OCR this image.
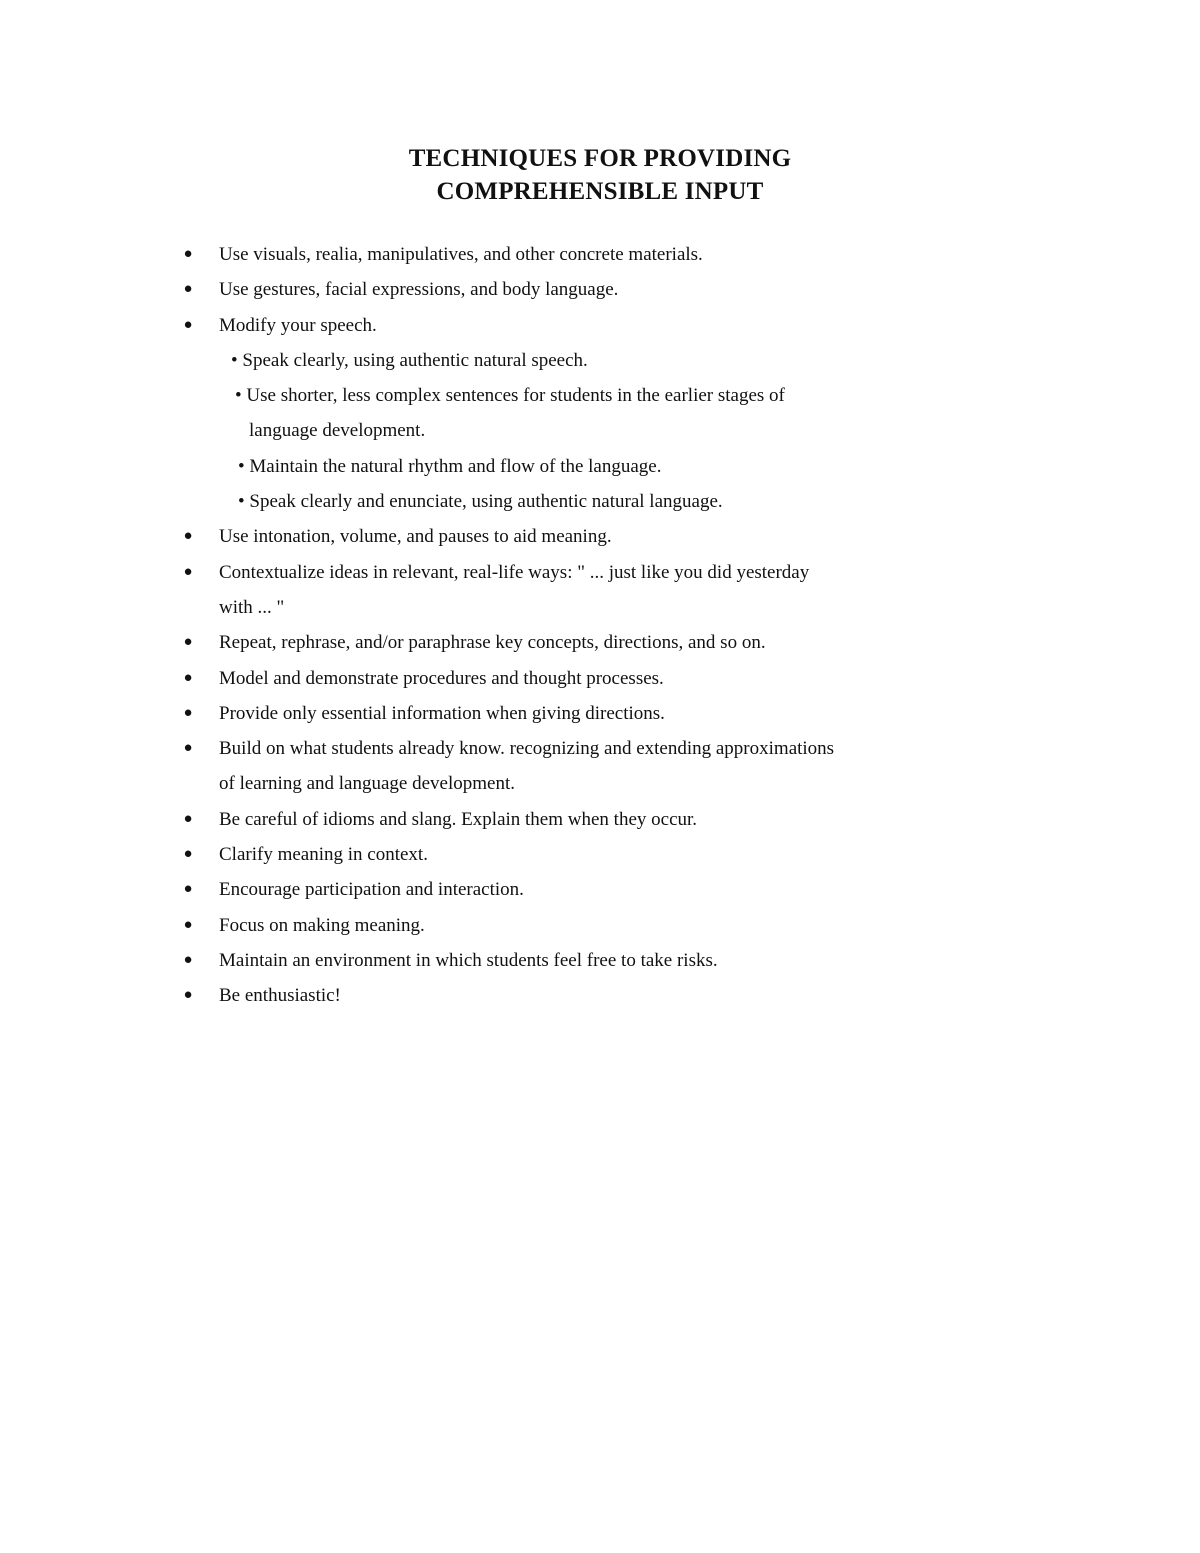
TECHNIQUES FOR PROVIDING
COMPREHENSIBLE INPUT
● Use visuals, realia, manipulatives, and other concrete materials.
● Use gestures, facial expressions, and body language.
● Modify your speech.
• Speak clearly, using authentic natural speech.
• Use shorter, less complex sentences for students in the earlier stages of
language development.
• Maintain the natural rhythm and flow of the language.
• Speak clearly and enunciate, using authentic natural language.
● Use intonation, volume, and pauses to aid meaning.
● Contextualize ideas in relevant, real-life ways: " ... just like you did yesterday
with ... "
● Repeat, rephrase, and/or paraphrase key concepts, directions, and so on.
● Model and demonstrate procedures and thought processes.
● Provide only essential information when giving directions.
● Build on what students already know. recognizing and extending approximations
of learning and language development.
● Be careful of idioms and slang. Explain them when they occur.
● Clarify meaning in context.
● Encourage participation and interaction.
● Focus on making meaning.
● Maintain an environment in which students feel free to take risks.
● Be enthusiastic!
